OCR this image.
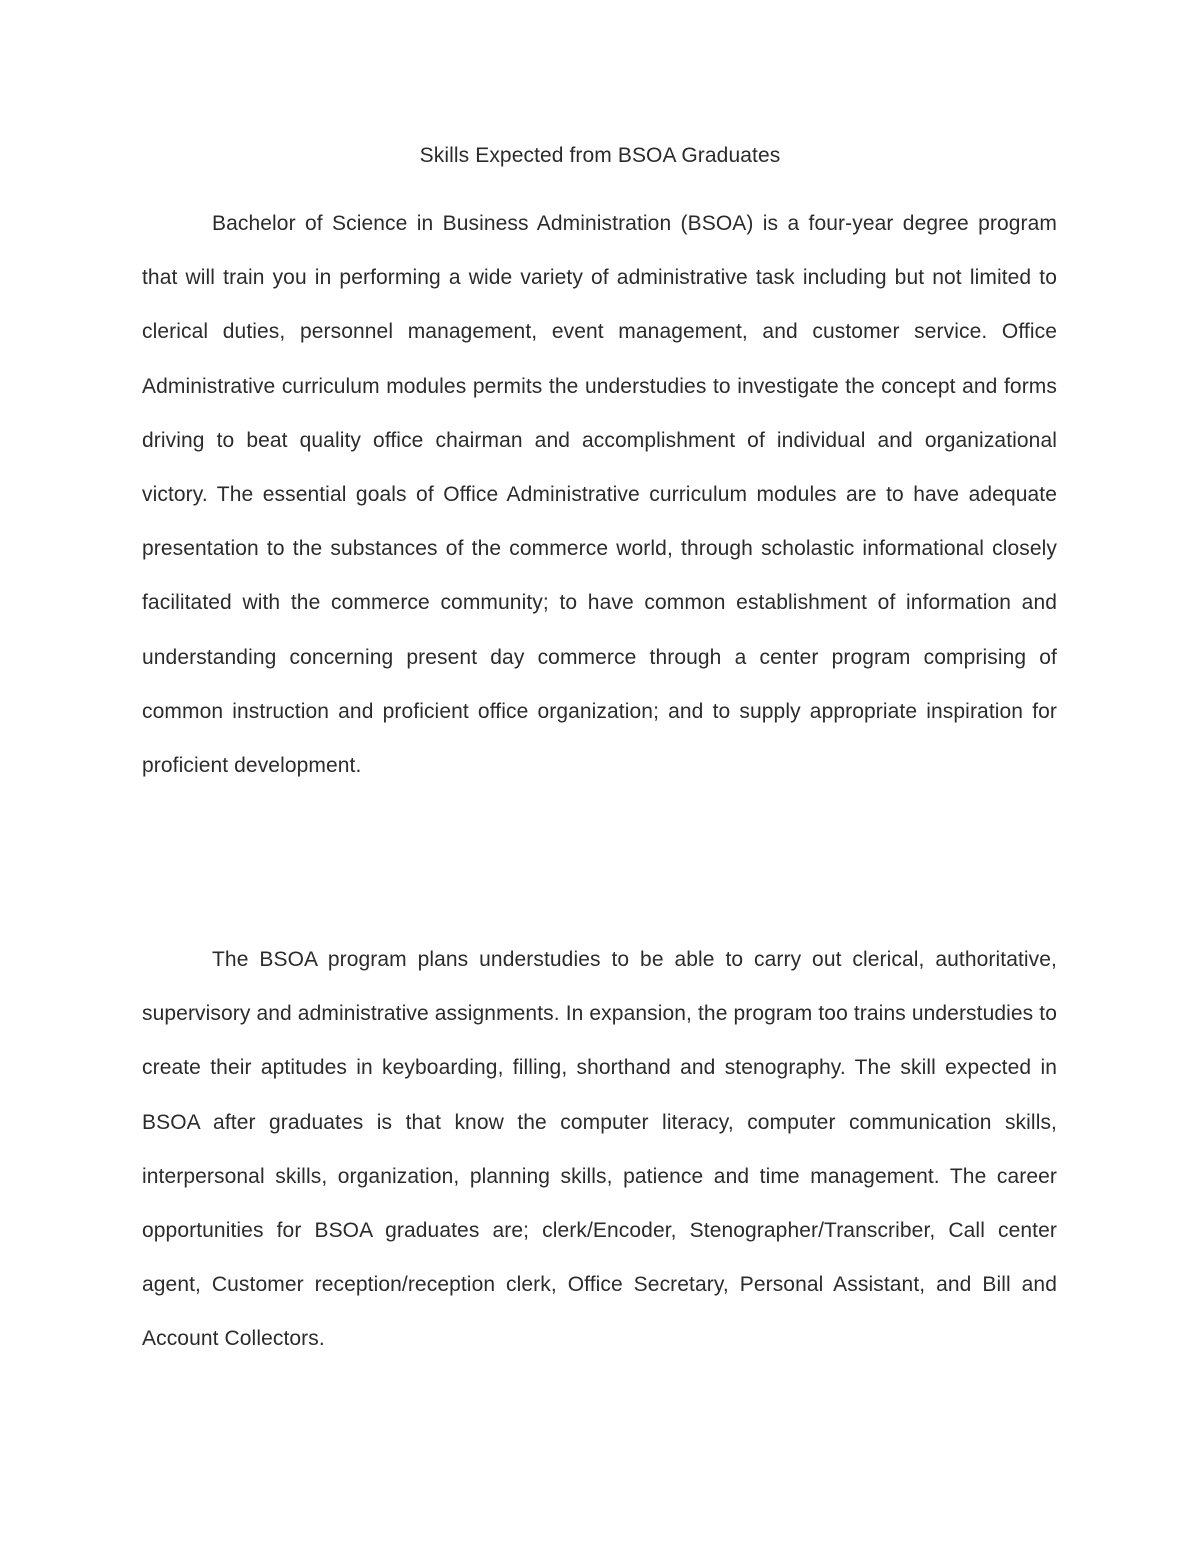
Skills Expected from BSOA Graduates

Bachelor of Science in Business Administration (BSOA) is a four-year degree program that will train you in performing a wide variety of administrative task including but not limited to clerical duties, personnel management, event management, and customer service. Office Administrative curriculum modules permits the understudies to investigate the concept and forms driving to beat quality office chairman and accomplishment of individual and organizational victory. The essential goals of Office Administrative curriculum modules are to have adequate presentation to the substances of the commerce world, through scholastic informational closely facilitated with the commerce community; to have common establishment of information and understanding concerning present day commerce through a center program comprising of common instruction and proficient office organization; and to supply appropriate inspiration for proficient development.

The BSOA program plans understudies to be able to carry out clerical, authoritative, supervisory and administrative assignments. In expansion, the program too trains understudies to create their aptitudes in keyboarding, filling, shorthand and stenography. The skill expected in BSOA after graduates is that know the computer literacy, computer communication skills, interpersonal skills, organization, planning skills, patience and time management. The career opportunities for BSOA graduates are; clerk/Encoder, Stenographer/Transcriber, Call center agent, Customer reception/reception clerk, Office Secretary, Personal Assistant, and Bill and Account Collectors.
